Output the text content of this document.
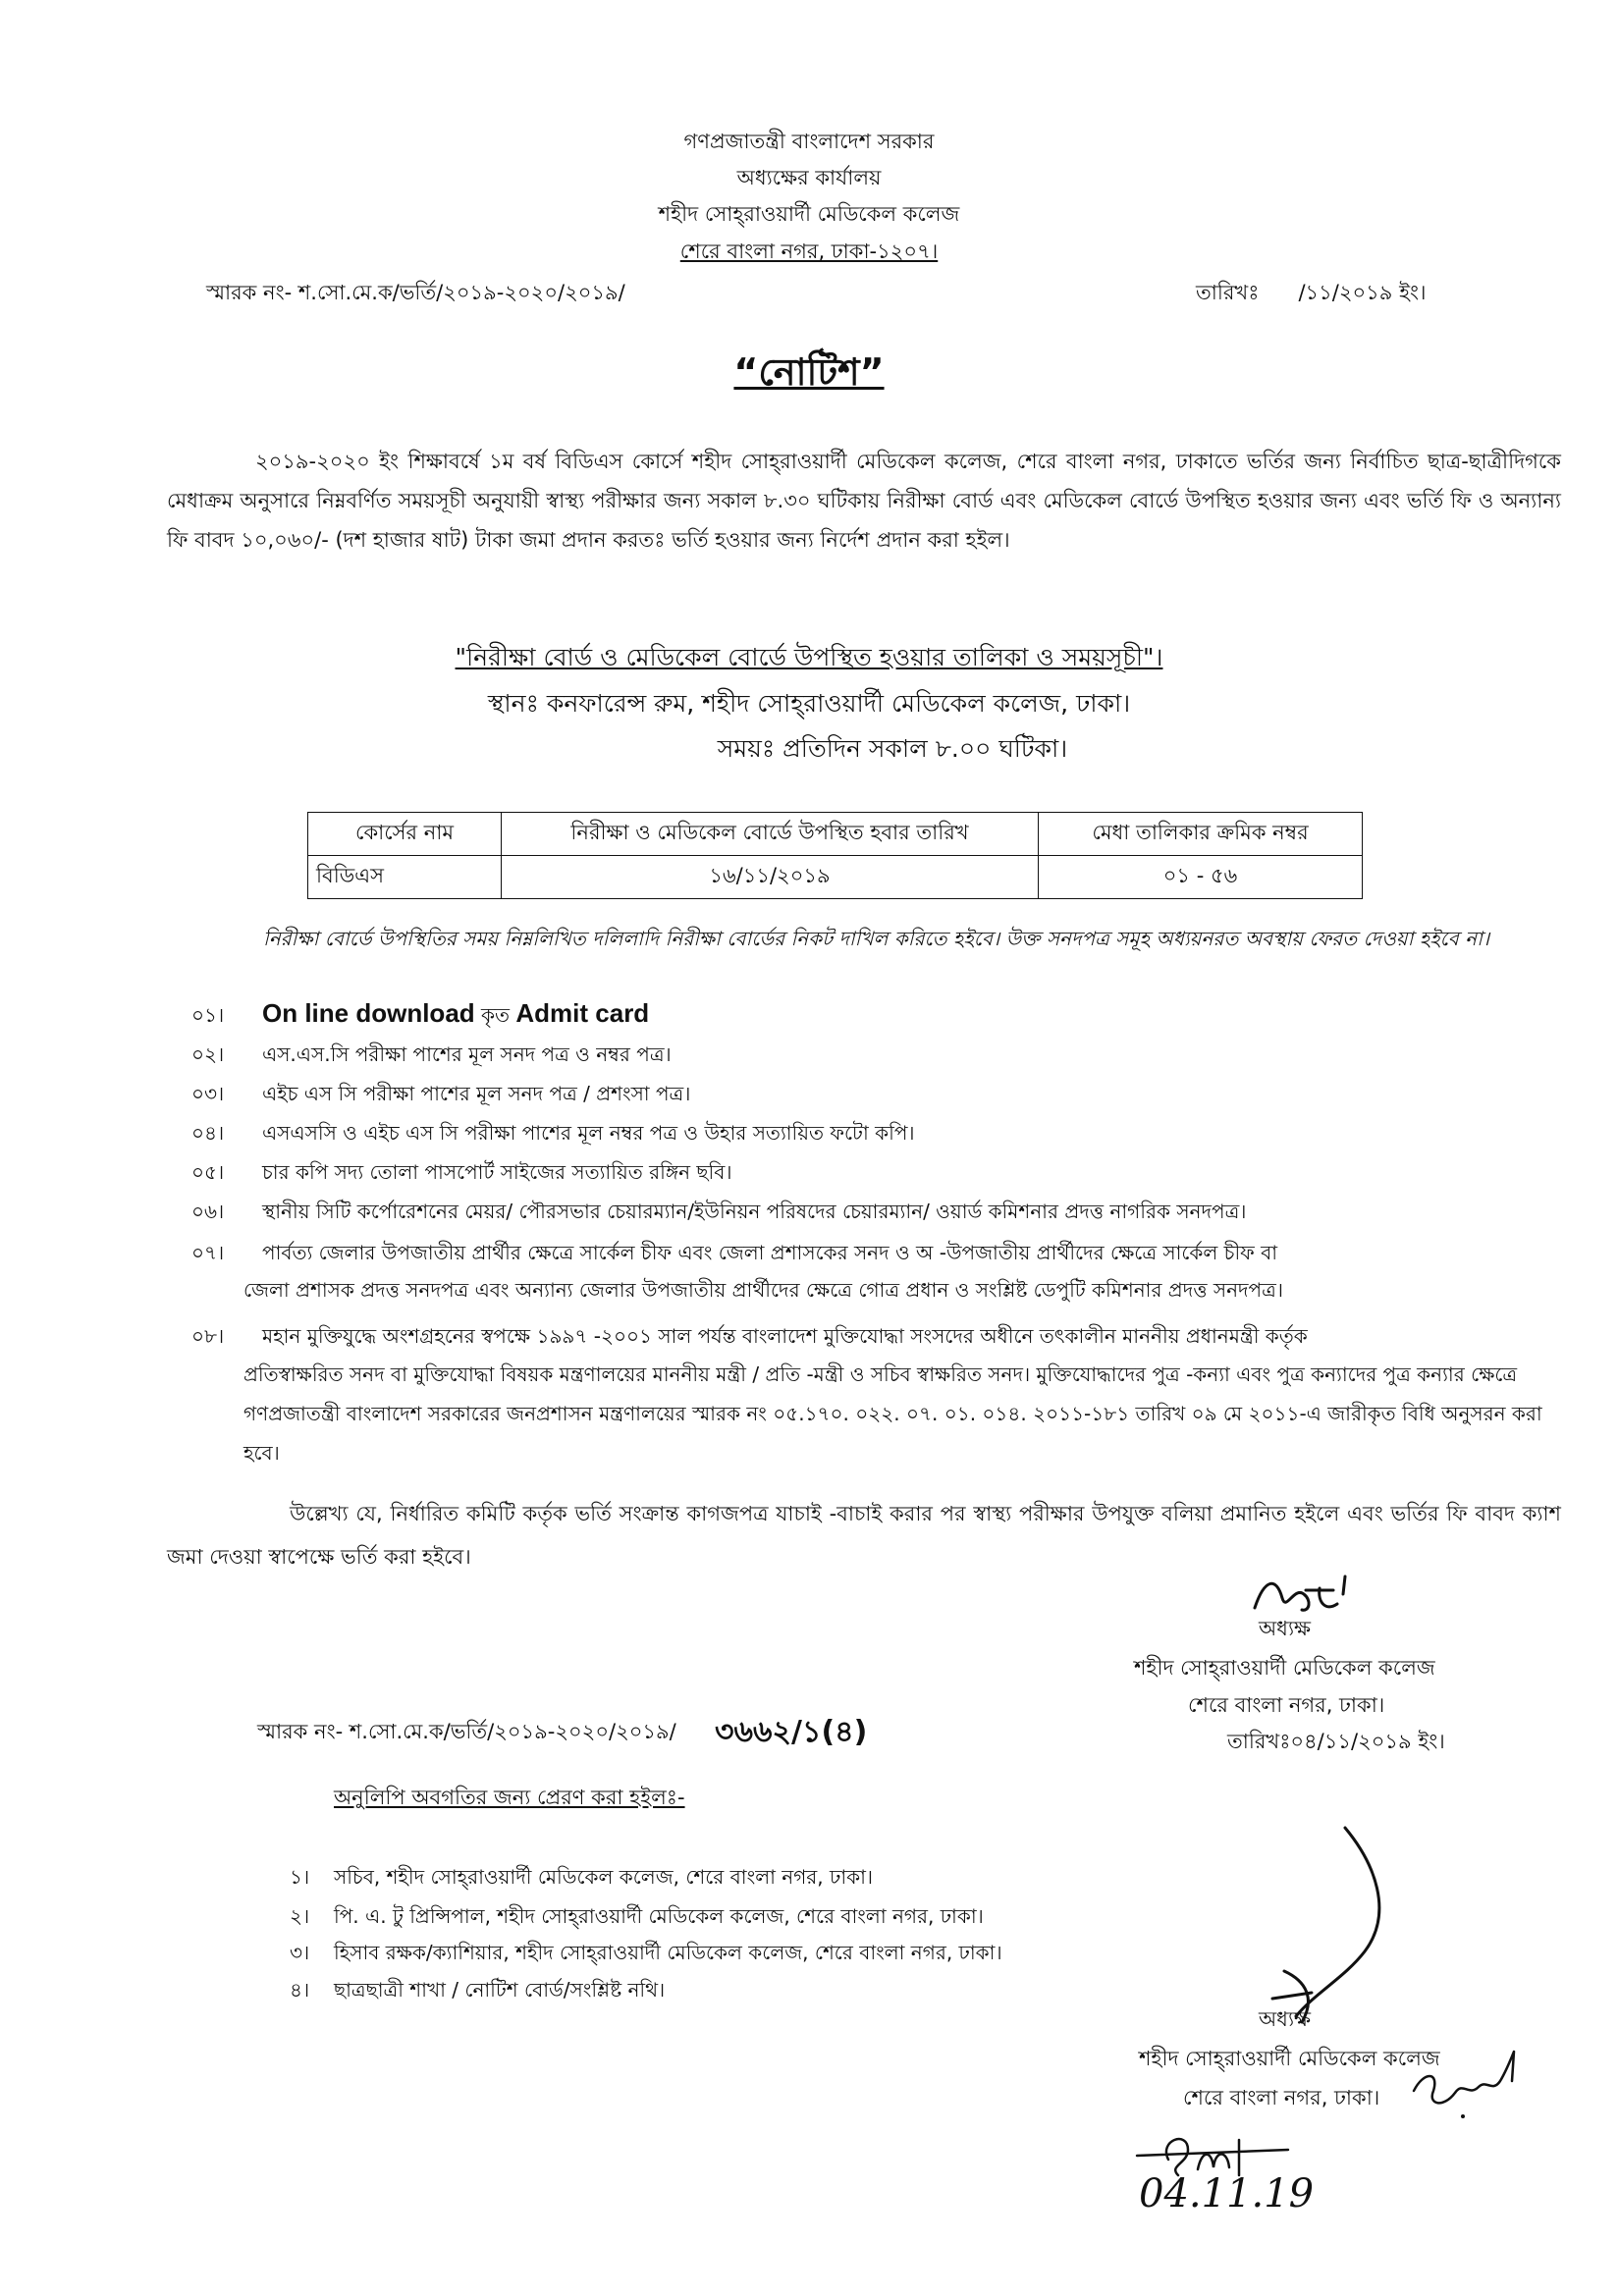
গণপ্রজাতন্ত্রী বাংলাদেশ সরকার
অধ্যক্ষের কার্যালয়
শহীদ সোহ্‌রাওয়ার্দী মেডিকেল কলেজ
শেরে বাংলা নগর, ঢাকা-১২০৭।
স্মারক নং- শ.সো.মে.ক/ভর্তি/২০১৯-২০২০/২০১৯/	তারিখঃ      /১১/২০১৯ ইং।
“নোটিশ”
২০১৯-২০২০ ইং শিক্ষাবর্ষে ১ম বর্ষ বিডিএস কোর্সে শহীদ সোহ্‌রাওয়ার্দী মেডিকেল কলেজ, শেরে বাংলা নগর, ঢাকাতে ভর্তির জন্য নির্বাচিত ছাত্র-ছাত্রীদিগকে মেধাক্রম অনুসারে নিম্নবর্ণিত সময়সূচী অনুযায়ী স্বাস্থ্য পরীক্ষার জন্য সকাল ৮.৩০ ঘটিকায় নিরীক্ষা বোর্ড এবং মেডিকেল বোর্ডে উপস্থিত হওয়ার জন্য এবং ভর্তি ফি ও অন্যান্য ফি বাবদ ১০,০৬০/- (দশ হাজার ষাট) টাকা জমা প্রদান করতঃ ভর্তি হওয়ার জন্য নির্দেশ প্রদান করা হইল।
"নিরীক্ষা বোর্ড ও মেডিকেল বোর্ডে উপস্থিত হওয়ার তালিকা ও সময়সূচী"।
স্থানঃ কনফারেন্স রুম, শহীদ সোহ্‌রাওয়ার্দী মেডিকেল কলেজ, ঢাকা।
সময়ঃ প্রতিদিন সকাল ৮.০০ ঘটিকা।
কোর্সের নাম	নিরীক্ষা ও মেডিকেল বোর্ডে উপস্থিত হবার তারিখ	মেধা তালিকার ক্রমিক নম্বর
বিডিএস	১৬/১১/২০১৯	০১ - ৫৬
নিরীক্ষা বোর্ডে উপস্থিতির সময় নিম্নলিখিত দলিলাদি নিরীক্ষা বোর্ডের নিকট দাখিল করিতে হইবে। উক্ত সনদপত্র সমূহ অধ্যয়নরত অবস্থায় ফেরত দেওয়া হইবে না।
০১। On line download কৃত Admit card
০২। এস.এস.সি পরীক্ষা পাশের মূল সনদ পত্র ও নম্বর পত্র।
০৩। এইচ এস সি পরীক্ষা পাশের মূল সনদ পত্র / প্রশংসা পত্র।
০৪। এসএসসি ও এইচ এস সি পরীক্ষা পাশের মূল নম্বর পত্র ও উহার সত্যায়িত ফটো কপি।
০৫। চার কপি সদ্য তোলা পাসপোর্ট সাইজের সত্যায়িত রঙ্গিন ছবি।
০৬। স্থানীয় সিটি কর্পোরেশনের মেয়র/ পৌরসভার চেয়ারম্যান/ইউনিয়ন পরিষদের চেয়ারম্যান/ ওয়ার্ড কমিশনার প্রদত্ত নাগরিক সনদপত্র।
০৭। পার্বত্য জেলার উপজাতীয় প্রার্থীর ক্ষেত্রে সার্কেল চীফ এবং জেলা প্রশাসকের সনদ ও অ -উপজাতীয় প্রার্থীদের ক্ষেত্রে সার্কেল চীফ বা
জেলা প্রশাসক প্রদত্ত সনদপত্র এবং অন্যান্য জেলার উপজাতীয় প্রার্থীদের ক্ষেত্রে গোত্র প্রধান ও সংশ্লিষ্ট ডেপুটি কমিশনার প্রদত্ত সনদপত্র।
০৮। মহান মুক্তিযুদ্ধে অংশগ্রহনের স্বপক্ষে ১৯৯৭ -২০০১ সাল পর্যন্ত বাংলাদেশ মুক্তিযোদ্ধা সংসদের অধীনে তৎকালীন মাননীয় প্রধানমন্ত্রী কর্তৃক
প্রতিস্বাক্ষরিত সনদ বা মুক্তিযোদ্ধা বিষয়ক মন্ত্রণালয়ের মাননীয় মন্ত্রী / প্রতি -মন্ত্রী ও সচিব স্বাক্ষরিত সনদ। মুক্তিযোদ্ধাদের পুত্র -কন্যা এবং পুত্র কন্যাদের পুত্র কন্যার ক্ষেত্রে গণপ্রজাতন্ত্রী বাংলাদেশ সরকারের জনপ্রশাসন মন্ত্রণালয়ের স্মারক নং ০৫.১৭০. ০২২. ০৭. ০১. ০১৪. ২০১১-১৮১ তারিখ ০৯ মে ২০১১-এ জারীকৃত বিধি অনুসরন করা হবে।
উল্লেখ্য যে, নির্ধারিত কমিটি কর্তৃক ভর্তি সংক্রান্ত কাগজপত্র যাচাই -বাচাই করার পর স্বাস্থ্য পরীক্ষার উপযুক্ত বলিয়া প্রমানিত হইলে এবং ভর্তির ফি বাবদ ক্যাশ জমা দেওয়া স্বাপেক্ষে ভর্তি করা হইবে।
অধ্যক্ষ
শহীদ সোহ্‌রাওয়ার্দী মেডিকেল কলেজ
শেরে বাংলা নগর, ঢাকা।
তারিখঃ০৪/১১/২০১৯ ইং।
স্মারক নং- শ.সো.মে.ক/ভর্তি/২০১৯-২০২০/২০১৯/ ৩৬৬২/১(৪)
অনুলিপি অবগতির জন্য প্রেরণ করা হইলঃ-
১। সচিব, শহীদ সোহ্‌রাওয়ার্দী মেডিকেল কলেজ, শেরে বাংলা নগর, ঢাকা।
২। পি. এ. টু প্রিন্সিপাল, শহীদ সোহ্‌রাওয়ার্দী মেডিকেল কলেজ, শেরে বাংলা নগর, ঢাকা।
৩। হিসাব রক্ষক/ক্যাশিয়ার, শহীদ সোহ্‌রাওয়ার্দী মেডিকেল কলেজ, শেরে বাংলা নগর, ঢাকা।
৪। ছাত্রছাত্রী শাখা / নোটিশ বোর্ড/সংশ্লিষ্ট নথি।
অধ্যক্ষ
শহীদ সোহ্‌রাওয়ার্দী মেডিকেল কলেজ
শেরে বাংলা নগর, ঢাকা।
04.11.19
